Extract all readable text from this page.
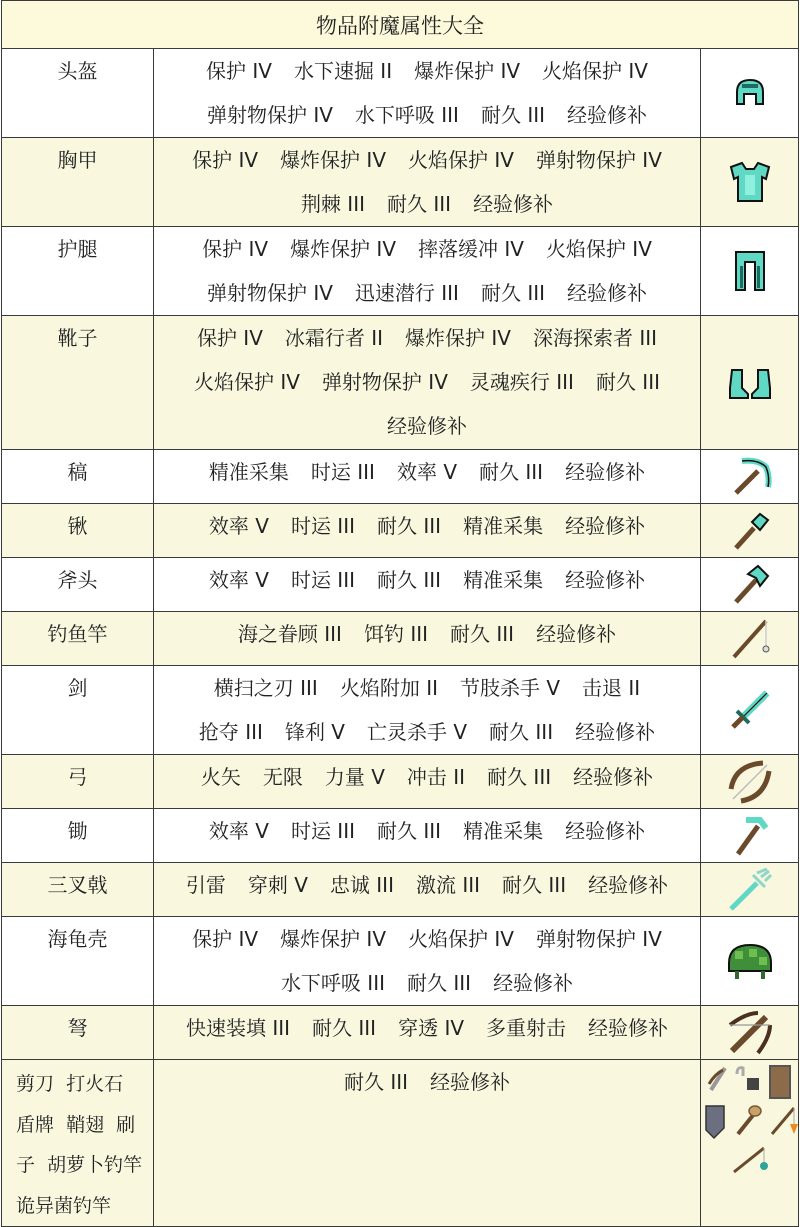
物品附魔属性大全		
头盔	保护 IV 水下速掘 II 爆炸保护 IV 火焰保护 IV
弹射物保护 IV 水下呼吸 III 耐久 III 经验修补

胸甲	保护 IV 爆炸保护 IV 火焰保护 IV 弹射物保护 IV
荆棘 III 耐久 III 经验修补

护腿	保护 IV 爆炸保护 IV 摔落缓冲 IV 火焰保护 IV
弹射物保护 IV 迅速潜行 III 耐久 III 经验修补

靴子	保护 IV 冰霜行者 II 爆炸保护 IV 深海探索者 III
火焰保护 IV 弹射物保护 IV 灵魂疾行 III 耐久 III
经验修补

稿	精准采集 时运 III 效率 V 耐久 III 经验修补

锹	效率 V 时运 III 耐久 III 精准采集 经验修补

斧头	效率 V 时运 III 耐久 III 精准采集 经验修补

钓鱼竿	海之眷顾 III 饵钓 III 耐久 III 经验修补

剑	横扫之刃 III 火焰附加 II 节肢杀手 V 击退 II
抢夺 III 锋利 V 亡灵杀手 V 耐久 III 经验修补

弓	火矢 无限 力量 V 冲击 II 耐久 III 经验修补

锄	效率 V 时运 III 耐久 III 精准采集 经验修补

三叉戟	引雷 穿刺 V 忠诚 III 激流 III 耐久 III 经验修补

海龟壳	保护 IV 爆炸保护 IV 火焰保护 IV 弹射物保护 IV
水下呼吸 III 耐久 III 经验修补

弩	快速装填 III 耐久 III 穿透 IV 多重射击 经验修补

剪刀  打火石
盾牌  鞘翅  刷
子  胡萝卜钓竿
诡异菌钓竿	耐久 III 经验修补
